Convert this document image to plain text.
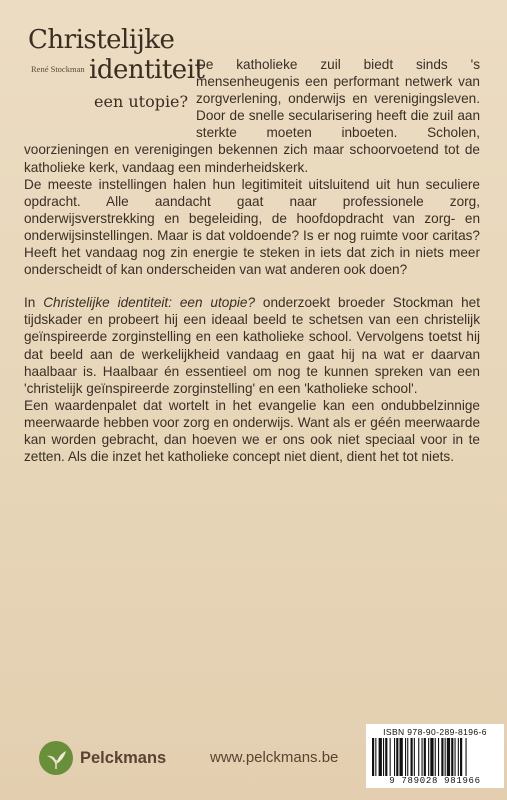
Christelijke
René Stockman identiteit
een utopie?

De katholieke zuil biedt sinds 's mensenheugenis een performant netwerk van zorgverlening, onderwijs en verenigingsleven. Door de snelle secularisering heeft die zuil aan sterkte moeten inboeten. Scholen, voorzieningen en verenigingen bekennen zich maar schoorvoetend tot de katholieke kerk, vandaag een minderheidskerk.

De meeste instellingen halen hun legitimiteit uitsluitend uit hun seculiere opdracht. Alle aandacht gaat naar professionele zorg, onderwijsverstrekking en begeleiding, de hoofdopdracht van zorg- en onderwijsinstellingen. Maar is dat voldoende? Is er nog ruimte voor caritas? Heeft het vandaag nog zin energie te steken in iets dat zich in niets meer onderscheidt of kan onderscheiden van wat anderen ook doen?

In Christelijke identiteit: een utopie? onderzoekt broeder Stockman het tijdskader en probeert hij een ideaal beeld te schetsen van een christelijk geïnspireerde zorginstelling en een katholieke school. Vervolgens toetst hij dat beeld aan de werkelijkheid vandaag en gaat hij na wat er daarvan haalbaar is. Haalbaar én essentieel om nog te kunnen spreken van een 'christelijk geïnspireerde zorginstelling' en een 'katholieke school'.

Een waardenpalet dat wortelt in het evangelie kan een ondubbelzinnige meerwaarde hebben voor zorg en onderwijs. Want als er géén meerwaarde kan worden gebracht, dan hoeven we er ons ook niet speciaal voor in te zetten. Als die inzet het katholieke concept niet dient, dient het tot niets.

Pelckmans	www.pelckmans.be
ISBN 978-90-289-8196-6
9 789028 981966
